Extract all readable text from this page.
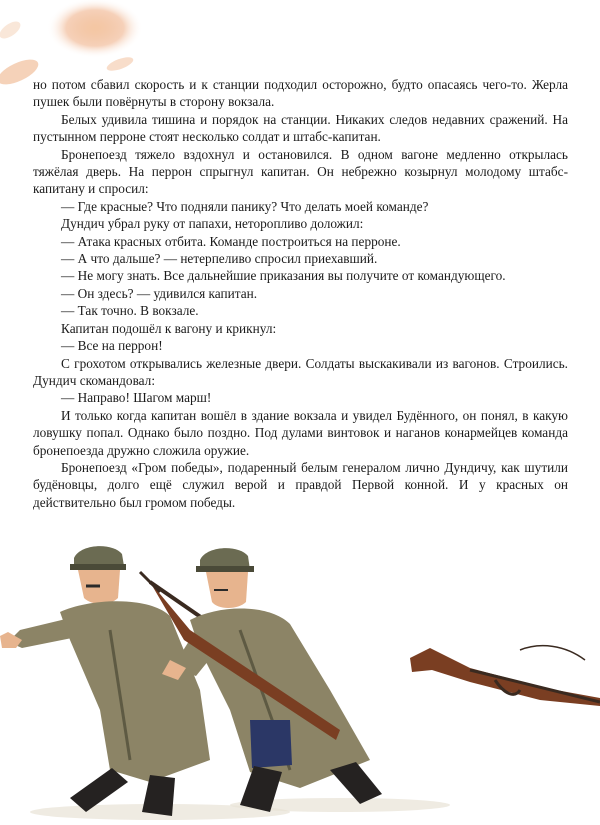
но потом сбавил скорость и к станции подходил осторожно, будто опасаясь чего-то. Жерла пушек были повёрнуты в сторону вокзала.

Белых удивила тишина и порядок на станции. Никаких следов недавних сражений. На пустынном перроне стоят несколько солдат и штабс-капитан.

Бронепоезд тяжело вздохнул и остановился. В одном вагоне медленно открылась тяжёлая дверь. На перрон спрыгнул капитан. Он небрежно козырнул молодому штабс-капитану и спросил:

— Где красные? Что подняли панику? Что делать моей команде?

Дундич убрал руку от папахи, неторопливо доложил:

— Атака красных отбита. Команде построиться на перроне.

— А что дальше? — нетерпеливо спросил приехавший.

— Не могу знать. Все дальнейшие приказания вы получите от командующего.

— Он здесь? — удивился капитан.

— Так точно. В вокзале.

Капитан подошёл к вагону и крикнул:

— Все на перрон!

С грохотом открывались железные двери. Солдаты выскакивали из вагонов. Строились. Дундич скомандовал:

— Направо! Шагом марш!

И только когда капитан вошёл в здание вокзала и увидел Будённого, он понял, в какую ловушку попал. Однако было поздно. Под дулами винтовок и наганов конармейцев команда бронепоезда дружно сложила оружие.

Бронепоезд «Гром победы», подаренный белым генералом лично Дундичу, как шутили будёновцы, долго ещё служил верой и правдой Первой конной. И у красных он действительно был громом победы.
